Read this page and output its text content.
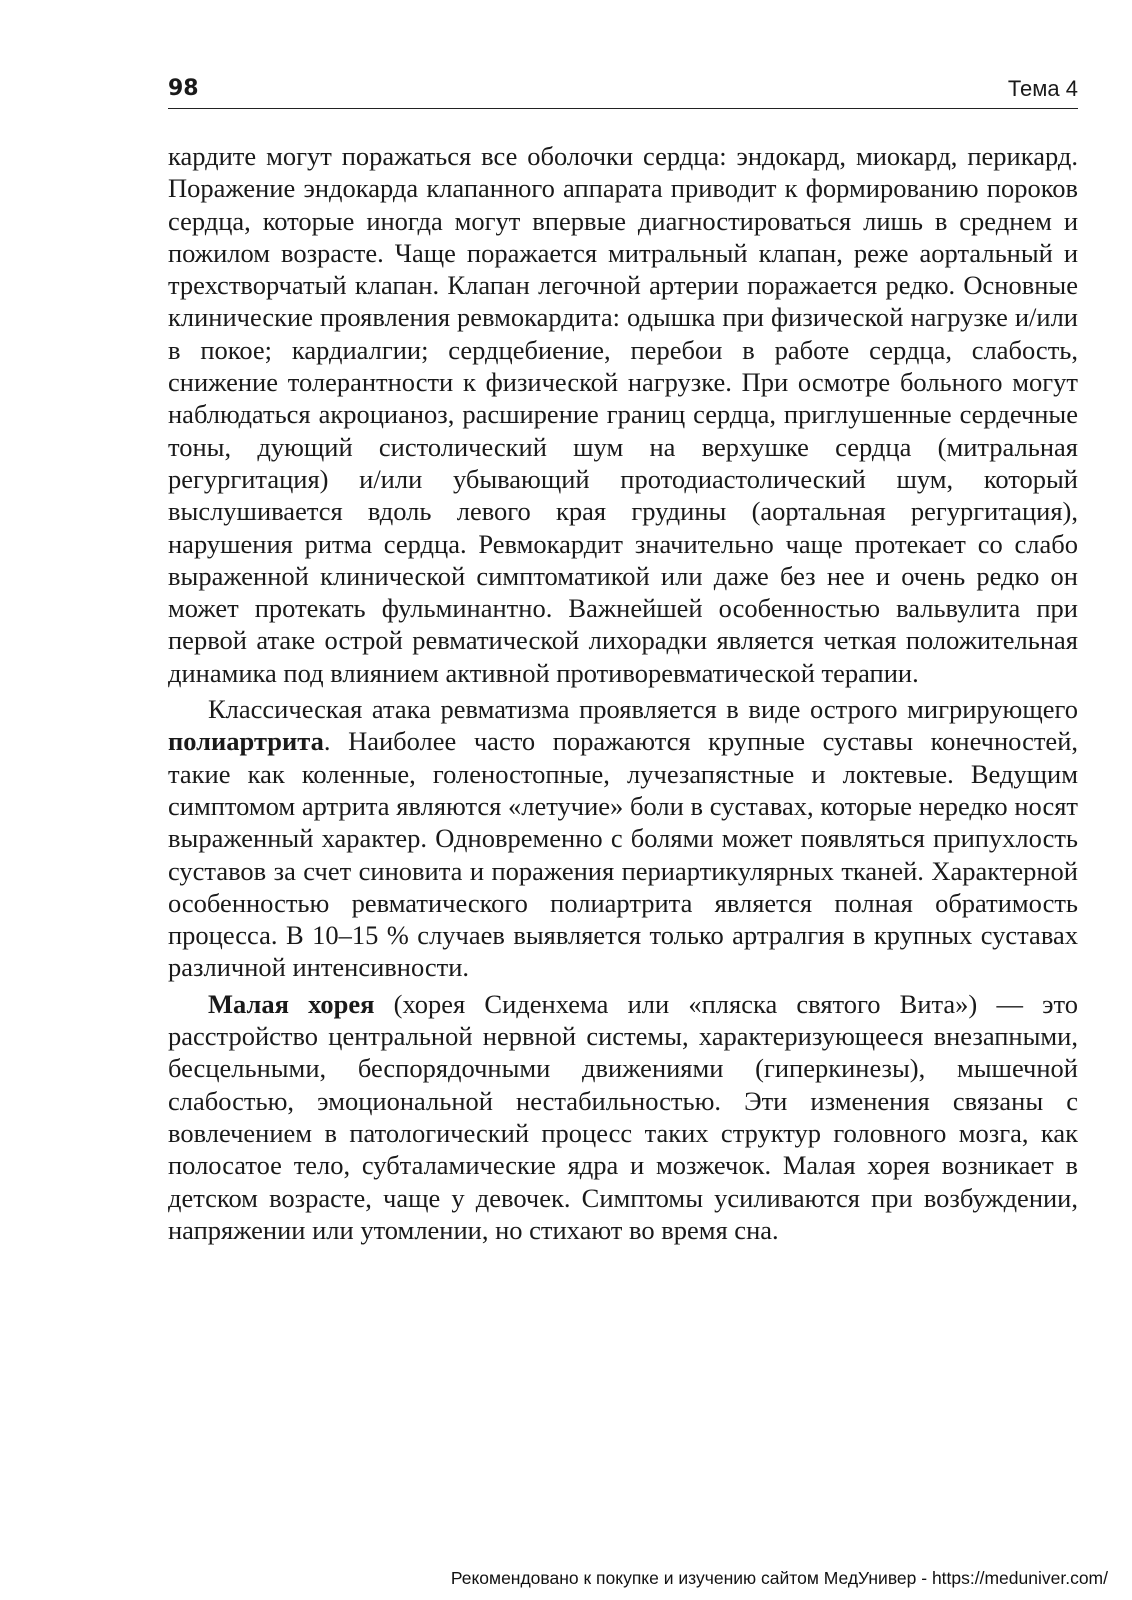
98	Тема 4

кардите могут поражаться все оболочки сердца: эндокард, миокард, перикард. Поражение эндокарда клапанного аппарата приводит к формированию пороков сердца, которые иногда могут впервые диагностироваться лишь в среднем и пожилом возрасте. Чаще поражается митральный клапан, реже аортальный и трехстворчатый клапан. Клапан легочной артерии поражается редко. Основные клинические проявления ревмокардита: одышка при физической нагрузке и/или в покое; кардиалгии; сердцебиение, перебои в работе сердца, слабость, снижение толерантности к физической нагрузке. При осмотре больного могут наблюдаться акроцианоз, расширение границ сердца, приглушенные сердечные тоны, дующий систолический шум на верхушке сердца (митральная регургитация) и/или убывающий протодиастолический шум, который выслушивается вдоль левого края грудины (аортальная регургитация), нарушения ритма сердца. Ревмокардит значительно чаще протекает со слабо выраженной клинической симптоматикой или даже без нее и очень редко он может протекать фульминантно. Важнейшей особенностью вальвулита при первой атаке острой ревматической лихорадки является четкая положительная динамика под влиянием активной противоревматической терапии.

Классическая атака ревматизма проявляется в виде острого мигрирующего полиартрита. Наиболее часто поражаются крупные суставы конечностей, такие как коленные, голеностопные, лучезапястные и локтевые. Ведущим симптомом артрита являются «летучие» боли в суставах, которые нередко носят выраженный характер. Одновременно с болями может появляться припухлость суставов за счет синовита и поражения периартикулярных тканей. Характерной особенностью ревматического полиартрита является полная обратимость процесса. В 10–15 % случаев выявляется только артралгия в крупных суставах различной интенсивности.

Малая хорея (хорея Сиденхема или «пляска святого Вита») — это расстройство центральной нервной системы, характеризующееся внезапными, бесцельными, беспорядочными движениями (гиперкинезы), мышечной слабостью, эмоциональной нестабильностью. Эти изменения связаны с вовлечением в патологический процесс таких структур головного мозга, как полосатое тело, субталамические ядра и мозжечок. Малая хорея возникает в детском возрасте, чаще у девочек. Симптомы усиливаются при возбуждении, напряжении или утомлении, но стихают во время сна.

Рекомендовано к покупке и изучению сайтом МедУнивер - https://meduniver.com/
